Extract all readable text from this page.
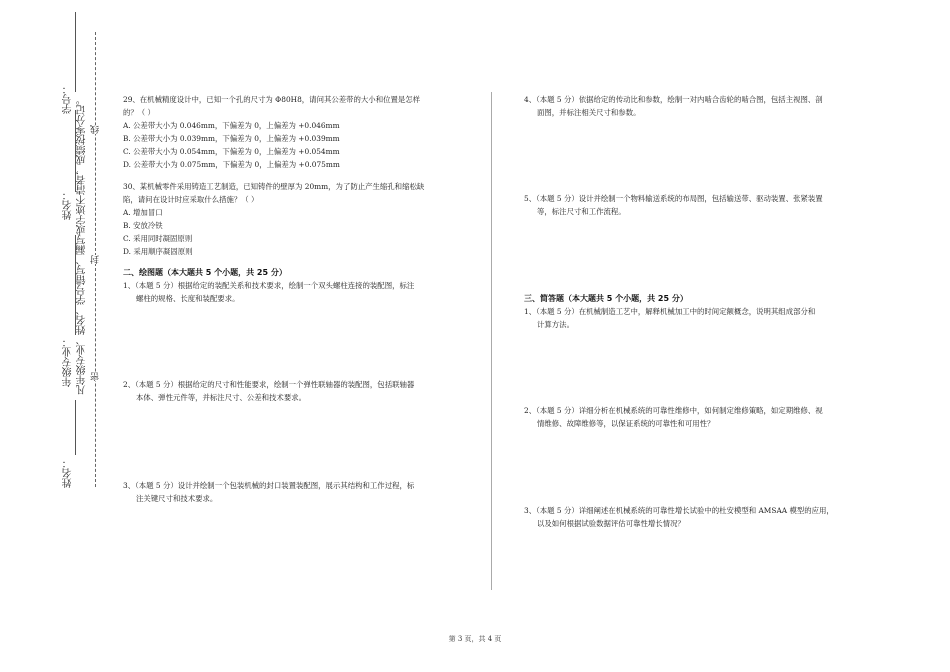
学号：
姓名：
年级专业：
姓名：
凡年级专业、姓名、学号错写、漏写或字迹不清者，成绩按零分记。 线
封
密

29、在机械精度设计中，已知一个孔的尺寸为 Φ80H8，请问其公差带的大小和位置是怎样

的？（ ）

A. 公差带大小为 0.046mm，下偏差为 0，上偏差为 +0.046mm

B. 公差带大小为 0.039mm，下偏差为 0，上偏差为 +0.039mm

C. 公差带大小为 0.054mm，下偏差为 0，上偏差为 +0.054mm

D. 公差带大小为 0.075mm，下偏差为 0，上偏差为 +0.075mm

30、某机械零件采用铸造工艺制造，已知铸件的壁厚为 20mm，为了防止产生缩孔和缩松缺

陷，请问在设计时应采取什么措施？（ ）

A. 增加冒口

B. 安放冷铁

C. 采用同时凝固原则

D. 采用顺序凝固原则

二、绘图题（本大题共 5 个小题，共 25 分）

1、（本题 5 分）根据给定的装配关系和技术要求，绘制一个双头螺柱连接的装配图，标注

螺柱的规格、长度和装配要求。

2、（本题 5 分）根据给定的尺寸和性能要求，绘制一个弹性联轴器的装配图，包括联轴器

本体、弹性元件等，并标注尺寸、公差和技术要求。

3、（本题 5 分）设计并绘制一个包装机械的封口装置装配图，展示其结构和工作过程，标

注关键尺寸和技术要求。

4、（本题 5 分）依据给定的传动比和参数，绘制一对内啮合齿轮的啮合图，包括主视图、剖

面图，并标注相关尺寸和参数。

5、（本题 5 分）设计并绘制一个物料输送系统的布局图，包括输送带、驱动装置、张紧装置

等，标注尺寸和工作流程。

三、简答题（本大题共 5 个小题，共 25 分）

1、（本题 5 分）在机械制造工艺中，解释机械加工中的时间定额概念，说明其组成部分和

计算方法。

2、（本题 5 分）详细分析在机械系统的可靠性维修中，如何制定维修策略，如定期维修、视

情维修、故障维修等，以保证系统的可靠性和可用性？

3、（本题 5 分）详细阐述在机械系统的可靠性增长试验中的杜安模型和 AMSAA 模型的应用，

以及如何根据试验数据评估可靠性增长情况？

第 3 页，共 4 页
